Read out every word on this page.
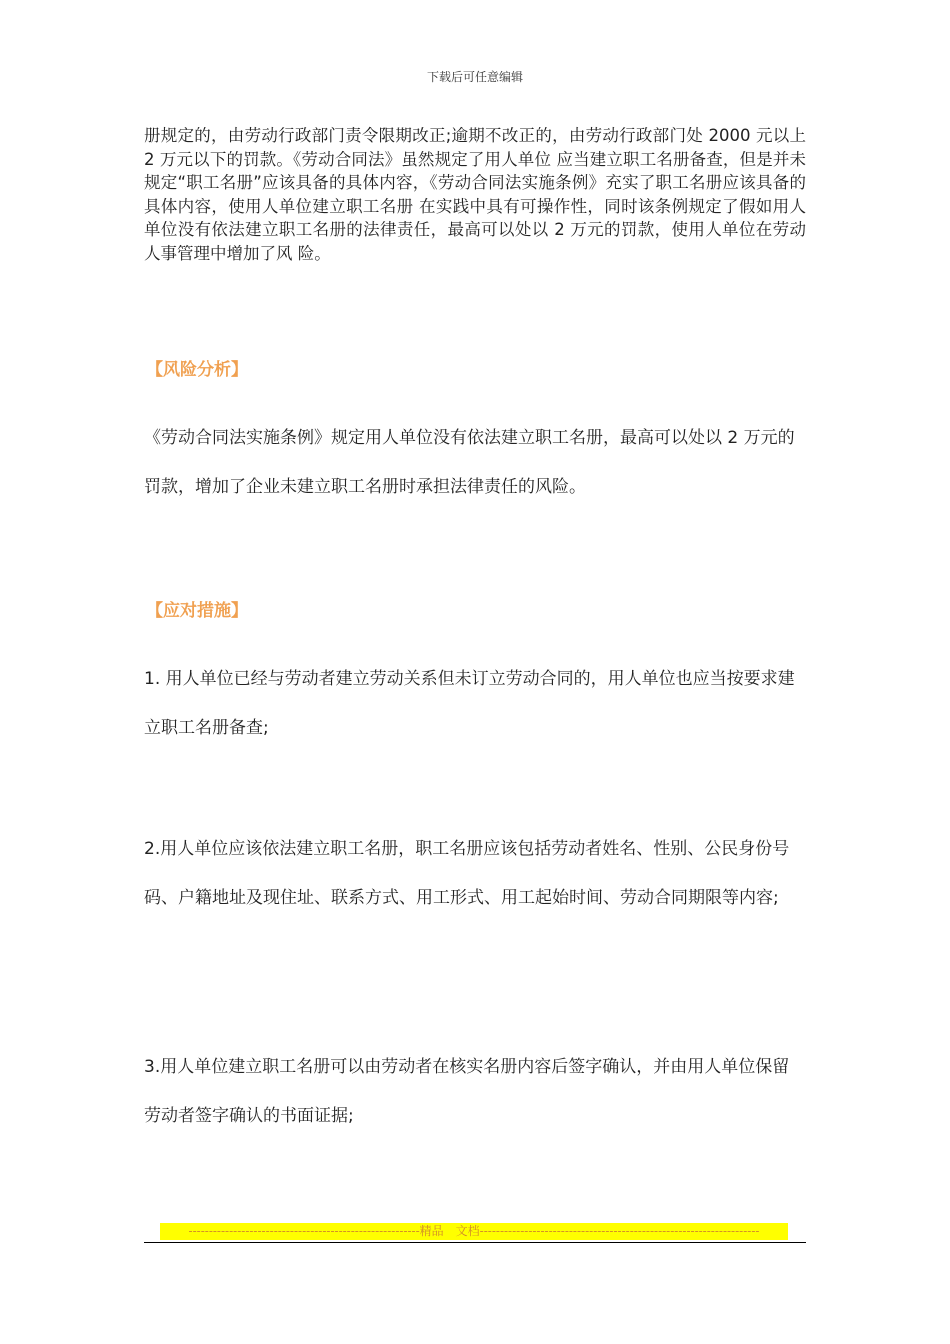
下载后可任意编辑

册规定的，由劳动行政部门责令限期改正;逾期不改正的，由劳动行政部门处 2000 元以上 2 万元以下的罚款。《劳动合同法》虽然规定了用人单位 应当建立职工名册备查，但是并未规定“职工名册”应该具备的具体内容，《劳动合同法实施条例》充实了职工名册应该具备的具体内容，使用人单位建立职工名册 在实践中具有可操作性，同时该条例规定了假如用人单位没有依法建立职工名册的法律责任，最高可以处以 2 万元的罚款，使用人单位在劳动人事管理中增加了风 险。

【风险分析】

《劳动合同法实施条例》规定用人单位没有依法建立职工名册，最高可以处以 2 万元的罚款，增加了企业未建立职工名册时承担法律责任的风险。

【应对措施】

1. 用人单位已经与劳动者建立劳动关系但未订立劳动合同的，用人单位也应当按要求建立职工名册备查;

2.用人单位应该依法建立职工名册，职工名册应该包括劳动者姓名、性别、公民身份号码、户籍地址及现住址、联系方式、用工形式、用工起始时间、劳动合同期限等内容;

3.用人单位建立职工名册可以由劳动者在核实名册内容后签字确认，并由用人单位保留劳动者签字确认的书面证据;

---------------------------------------------------------精品　文档---------------------------------------------------------------------
